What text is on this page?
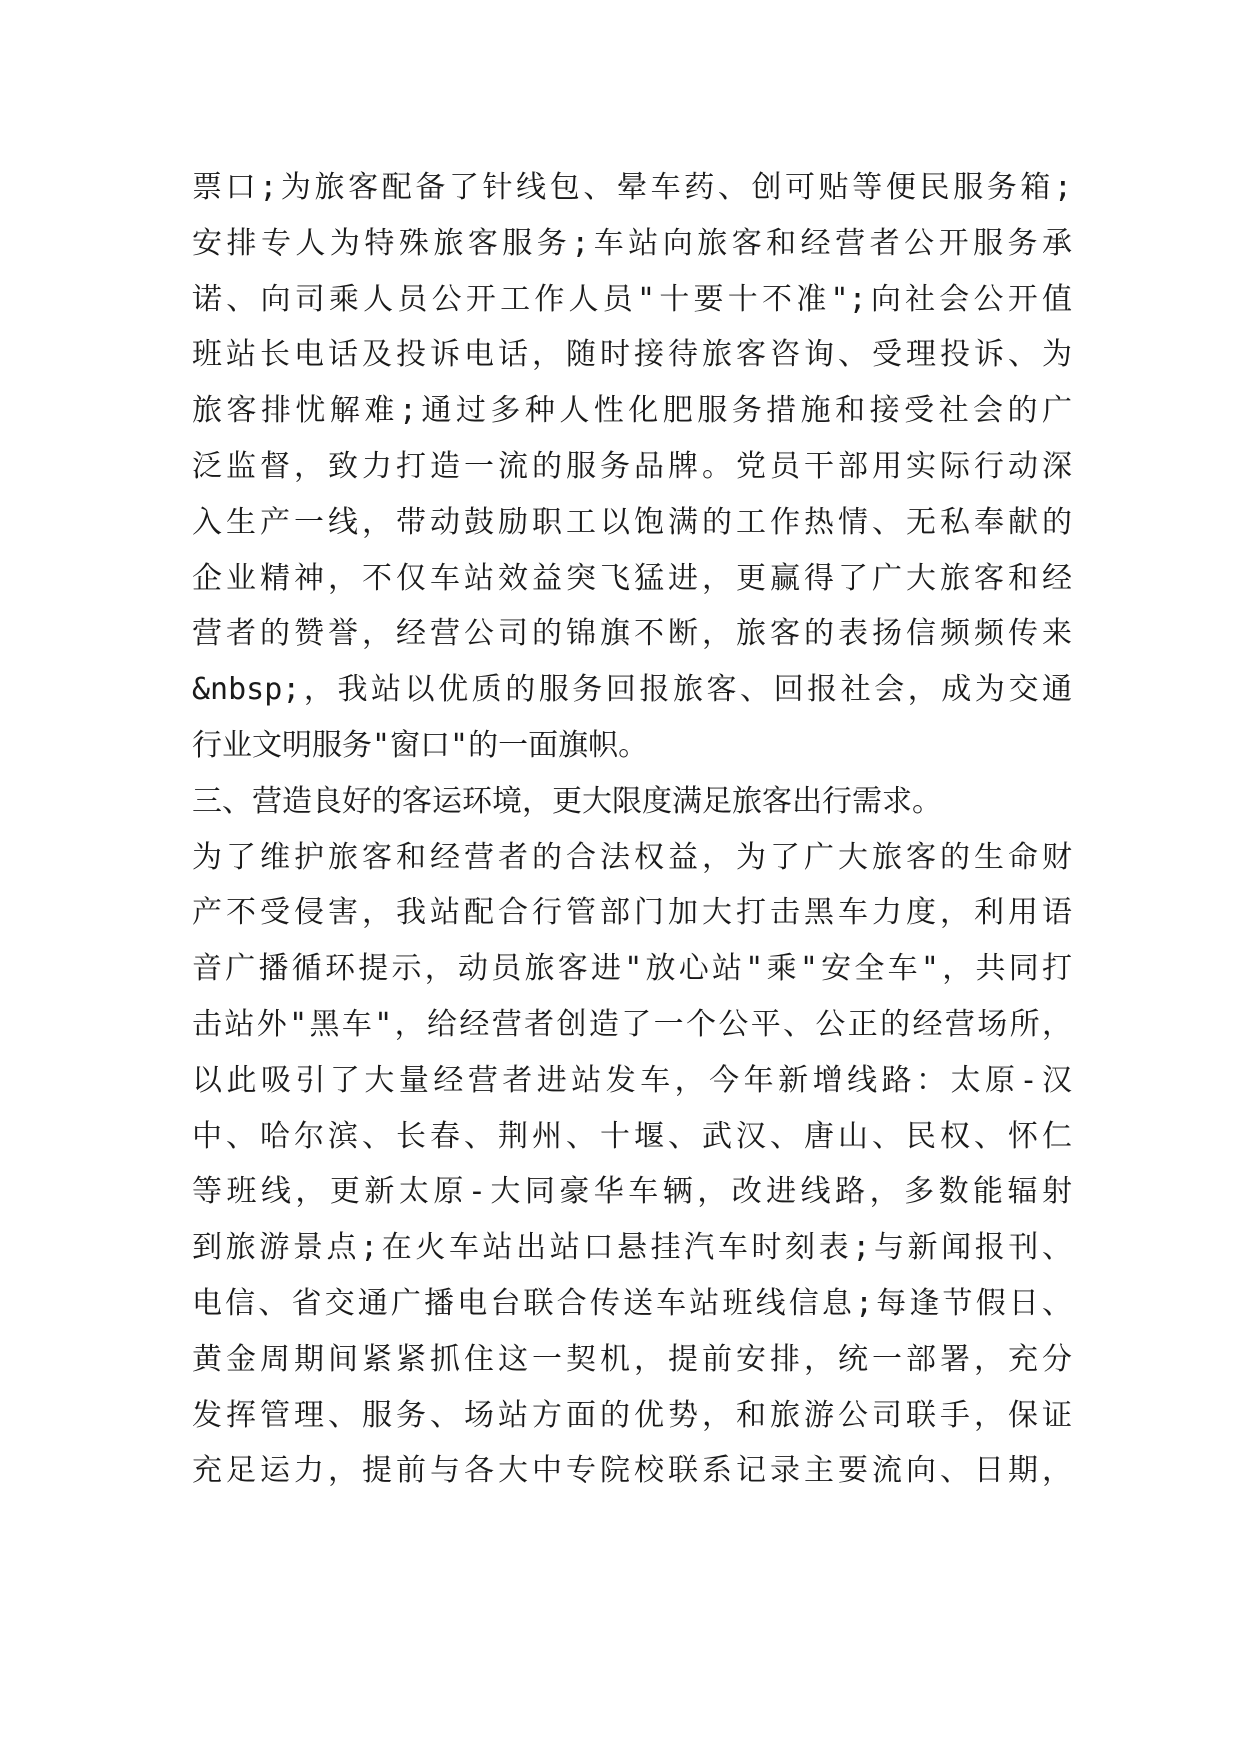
票口;为旅客配备了针线包、晕车药、创可贴等便民服务箱;
安排专人为特殊旅客服务;车站向旅客和经营者公开服务承
诺、向司乘人员公开工作人员"十要十不准";向社会公开值
班站长电话及投诉电话，随时接待旅客咨询、受理投诉、为
旅客排忧解难;通过多种人性化肥服务措施和接受社会的广
泛监督，致力打造一流的服务品牌。党员干部用实际行动深
入生产一线，带动鼓励职工以饱满的工作热情、无私奉献的
企业精神，不仅车站效益突飞猛进，更赢得了广大旅客和经
营者的赞誉，经营公司的锦旗不断，旅客的表扬信频频传来
&nbsp;，我站以优质的服务回报旅客、回报社会，成为交通
行业文明服务"窗口"的一面旗帜。
三、营造良好的客运环境，更大限度满足旅客出行需求。
为了维护旅客和经营者的合法权益，为了广大旅客的生命财
产不受侵害，我站配合行管部门加大打击黑车力度，利用语
音广播循环提示，动员旅客进"放心站"乘"安全车"，共同打
击站外"黑车"，给经营者创造了一个公平、公正的经营场所，
以此吸引了大量经营者进站发车，今年新增线路：太原-汉
中、哈尔滨、长春、荆州、十堰、武汉、唐山、民权、怀仁
等班线，更新太原-大同豪华车辆，改进线路，多数能辐射
到旅游景点;在火车站出站口悬挂汽车时刻表;与新闻报刊、
电信、省交通广播电台联合传送车站班线信息;每逢节假日、
黄金周期间紧紧抓住这一契机，提前安排，统一部署，充分
发挥管理、服务、场站方面的优势，和旅游公司联手，保证
充足运力，提前与各大中专院校联系记录主要流向、日期，
